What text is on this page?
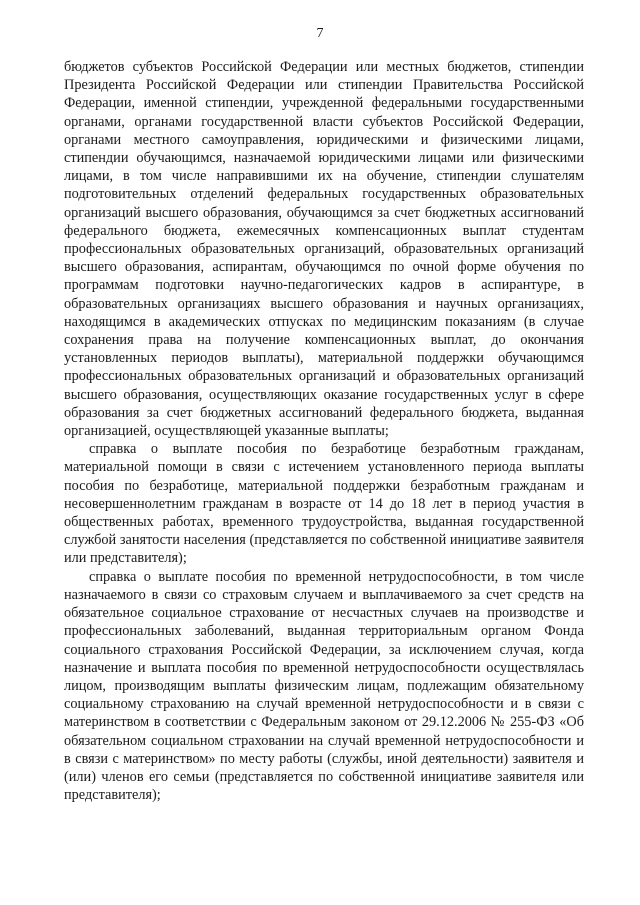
7

бюджетов субъектов Российской Федерации или местных бюджетов, стипендии Президента Российской Федерации или стипендии Правительства Российской Федерации, именной стипендии, учрежденной федеральными государственными органами, органами государственной власти субъектов Российской Федерации, органами местного самоуправления, юридическими и физическими лицами, стипендии обучающимся, назначаемой юридическими лицами или физическими лицами, в том числе направившими их на обучение, стипендии слушателям подготовительных отделений федеральных государственных образовательных организаций высшего образования, обучающимся за счет бюджетных ассигнований федерального бюджета, ежемесячных компенсационных выплат студентам профессиональных образовательных организаций, образовательных организаций высшего образования, аспирантам, обучающимся по очной форме обучения по программам подготовки научно-педагогических кадров в аспирантуре, в образовательных организациях высшего образования и научных организациях, находящимся в академических отпусках по медицинским показаниям (в случае сохранения права на получение компенсационных выплат, до окончания установленных периодов выплаты), материальной поддержки обучающимся профессиональных образовательных организаций и образовательных организаций высшего образования, осуществляющих оказание государственных услуг в сфере образования за счет бюджетных ассигнований федерального бюджета, выданная организацией, осуществляющей указанные выплаты;

справка о выплате пособия по безработице безработным гражданам, материальной помощи в связи с истечением установленного периода выплаты пособия по безработице, материальной поддержки безработным гражданам и несовершеннолетним гражданам в возрасте от 14 до 18 лет в период участия в общественных работах, временного трудоустройства, выданная государственной службой занятости населения (представляется по собственной инициативе заявителя или представителя);

справка о выплате пособия по временной нетрудоспособности, в том числе назначаемого в связи со страховым случаем и выплачиваемого за счет средств на обязательное социальное страхование от несчастных случаев на производстве и профессиональных заболеваний, выданная территориальным органом Фонда социального страхования Российской Федерации, за исключением случая, когда назначение и выплата пособия по временной нетрудоспособности осуществлялась лицом, производящим выплаты физическим лицам, подлежащим обязательному социальному страхованию на случай временной нетрудоспособности и в связи с материнством в соответствии с Федеральным законом от 29.12.2006 № 255-ФЗ «Об обязательном социальном страховании на случай временной нетрудоспособности и в связи с материнством» по месту работы (службы, иной деятельности) заявителя и (или) членов его семьи (представляется по собственной инициативе заявителя или представителя);
